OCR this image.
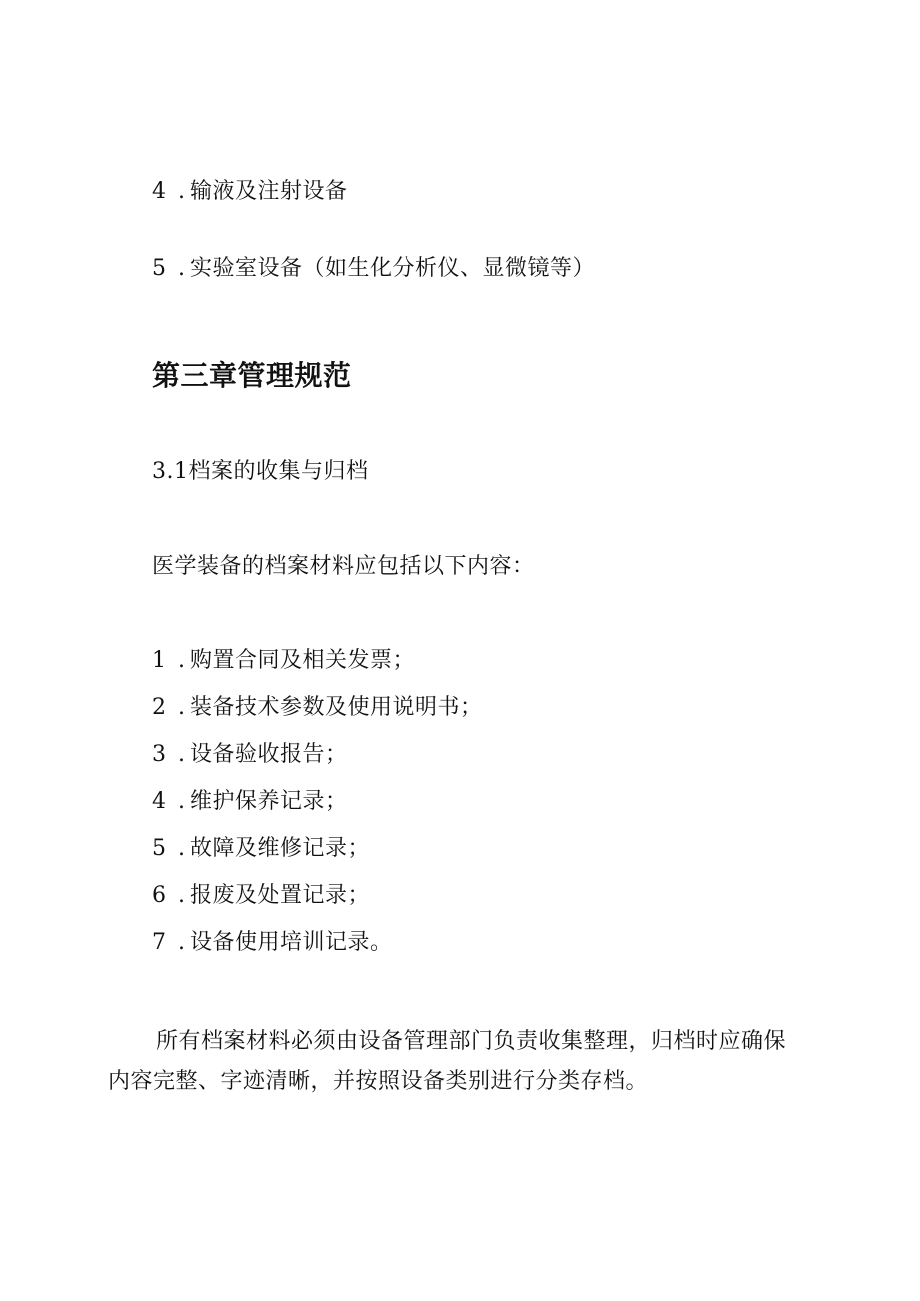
4 . 输液及注射设备
5 . 实验室设备（如生化分析仪、显微镜等）
第三章管理规范
3.1档案的收集与归档
医学装备的档案材料应包括以下内容：
1 . 购置合同及相关发票；
2 . 装备技术参数及使用说明书；
3 . 设备验收报告；
4 . 维护保养记录；
5 . 故障及维修记录；
6 . 报废及处置记录；
7 . 设备使用培训记录。
所有档案材料必须由设备管理部门负责收集整理，归档时应确保内容完整、字迹清晰，并按照设备类别进行分类存档。
